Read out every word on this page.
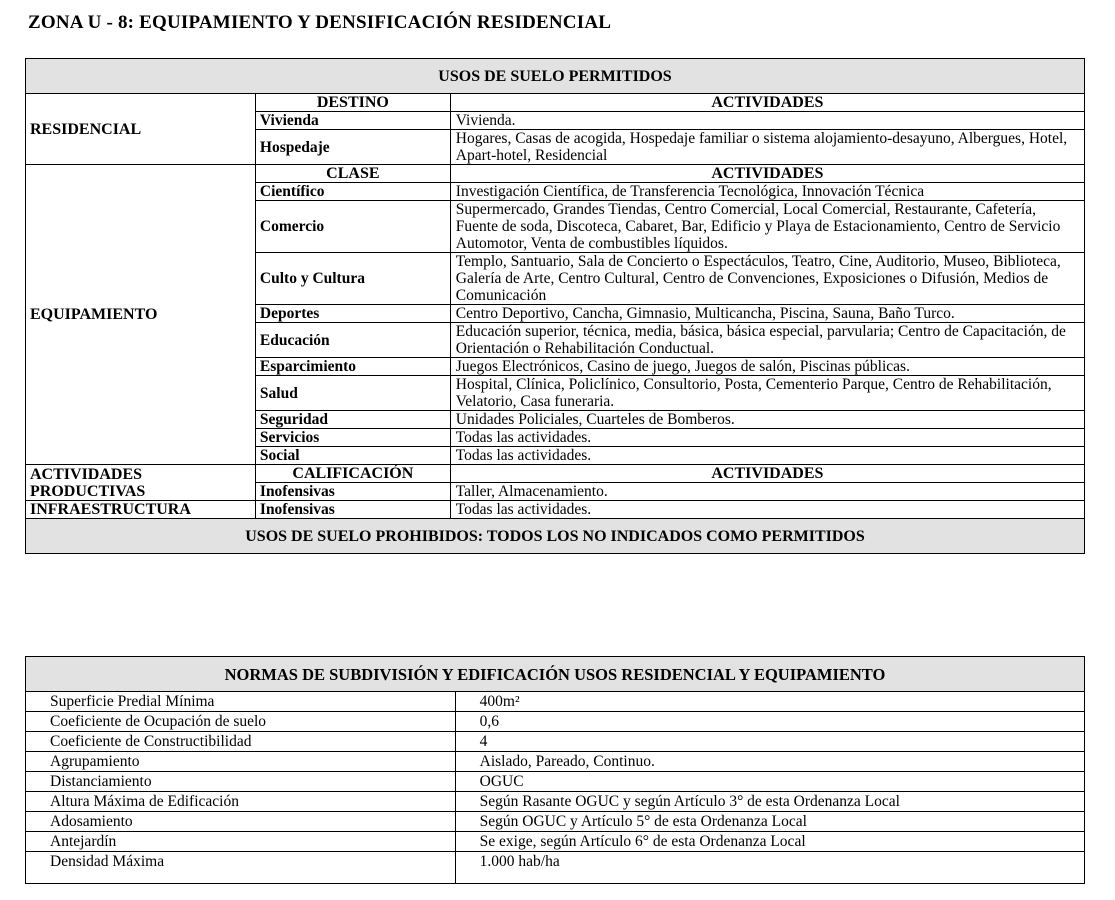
ZONA U - 8: EQUIPAMIENTO Y DENSIFICACIÓN RESIDENCIAL
USOS DE SUELO PERMITIDOS		
RESIDENCIAL	DESTINO	ACTIVIDADES
	Vivienda	Vivienda.
	Hospedaje	Hogares, Casas de acogida, Hospedaje familiar o sistema alojamiento-desayuno, Albergues, Hotel, Apart-hotel, Residencial
EQUIPAMIENTO	CLASE	ACTIVIDADES
	Científico	Investigación Científica, de Transferencia Tecnológica, Innovación Técnica
	Comercio	Supermercado, Grandes Tiendas, Centro Comercial, Local Comercial, Restaurante, Cafetería, Fuente de soda, Discoteca, Cabaret, Bar, Edificio y Playa de Estacionamiento, Centro de Servicio Automotor, Venta de combustibles líquidos.
	Culto y Cultura	Templo, Santuario, Sala de Concierto o Espectáculos, Teatro, Cine, Auditorio, Museo, Biblioteca, Galería de Arte, Centro Cultural, Centro de Convenciones, Exposiciones o Difusión, Medios de Comunicación
	Deportes	Centro Deportivo, Cancha, Gimnasio, Multicancha, Piscina, Sauna, Baño Turco.
	Educación	Educación superior, técnica, media, básica, básica especial, parvularia; Centro de Capacitación, de Orientación o Rehabilitación Conductual.
	Esparcimiento	Juegos Electrónicos, Casino de juego, Juegos de salón, Piscinas públicas.
	Salud	Hospital, Clínica, Policlínico, Consultorio, Posta, Cementerio Parque, Centro de Rehabilitación, Velatorio, Casa funeraria.
	Seguridad	Unidades Policiales, Cuarteles de Bomberos.
	Servicios	Todas las actividades.
	Social	Todas las actividades.
ACTIVIDADES PRODUCTIVAS	CALIFICACIÓN	ACTIVIDADES
	Inofensivas	Taller, Almacenamiento.
INFRAESTRUCTURA	Inofensivas	Todas las actividades.
USOS DE SUELO PROHIBIDOS: TODOS LOS NO INDICADOS COMO PERMITIDOS		
NORMAS DE SUBDIVISIÓN Y EDIFICACIÓN USOS RESIDENCIAL Y EQUIPAMIENTO	
Superficie Predial Mínima	400m²
Coeficiente de Ocupación de suelo	0,6
Coeficiente de Constructibilidad	4
Agrupamiento	Aislado, Pareado, Continuo.
Distanciamiento	OGUC
Altura Máxima de Edificación	Según Rasante OGUC y según Artículo 3° de esta Ordenanza Local
Adosamiento	Según OGUC y Artículo 5° de esta Ordenanza Local
Antejardín	Se exige, según Artículo 6° de esta Ordenanza Local
Densidad Máxima	1.000 hab/ha
